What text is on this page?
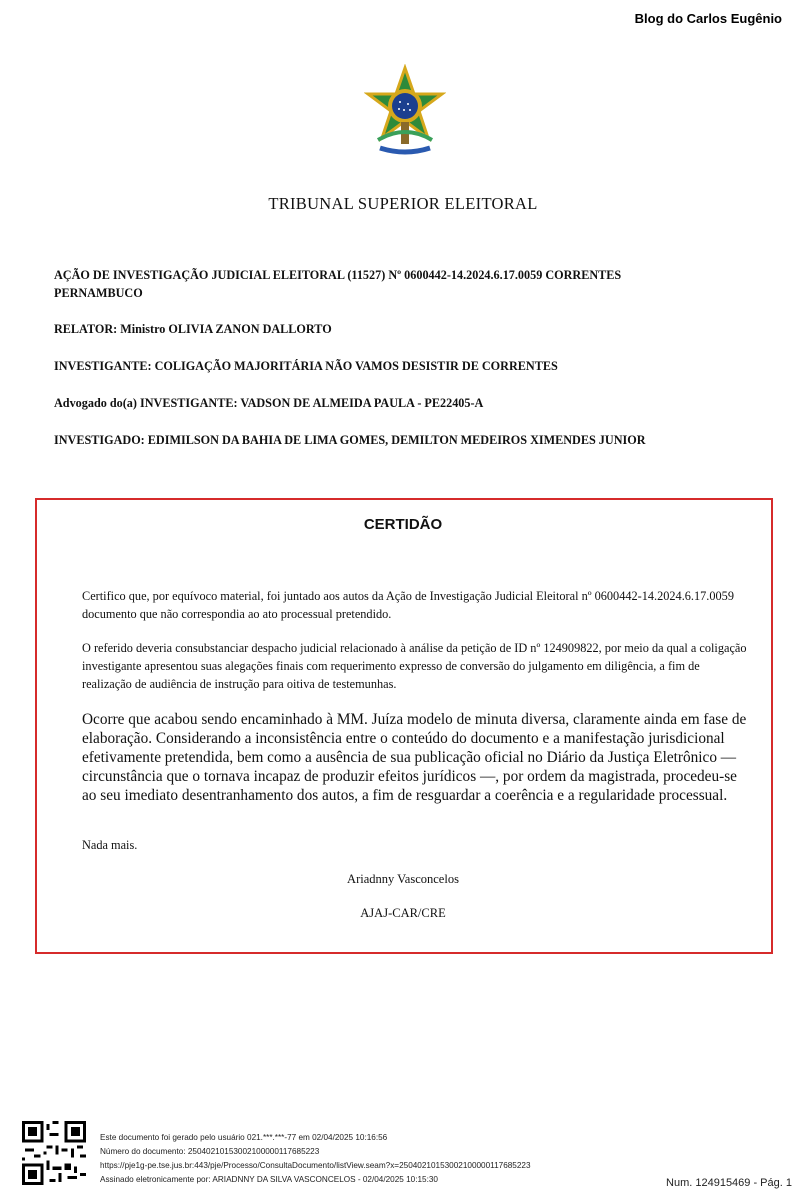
Blog do Carlos Eugênio
TRIBUNAL SUPERIOR ELEITORAL
AÇÃO DE INVESTIGAÇÃO JUDICIAL ELEITORAL (11527) Nº 0600442-14.2024.6.17.0059 CORRENTES
PERNAMBUCO
RELATOR: Ministro OLIVIA ZANON DALLORTO
INVESTIGANTE: COLIGAÇÃO MAJORITÁRIA NÃO VAMOS DESISTIR DE CORRENTES
Advogado do(a) INVESTIGANTE: VADSON DE ALMEIDA PAULA - PE22405-A
INVESTIGADO: EDIMILSON DA BAHIA DE LIMA GOMES, DEMILTON MEDEIROS XIMENDES JUNIOR
CERTIDÃO

Certifico que, por equívoco material, foi juntado aos autos da Ação de Investigação Judicial Eleitoral nº 0600442-14.2024.6.17.0059 documento que não correspondia ao ato processual pretendido.

O referido deveria consubstanciar despacho judicial relacionado à análise da petição de ID nº 124909822, por meio da qual a coligação investigante apresentou suas alegações finais com requerimento expresso de conversão do julgamento em diligência, a fim de realização de audiência de instrução para oitiva de testemunhas.

Ocorre que acabou sendo encaminhado à MM. Juíza modelo de minuta diversa, claramente ainda em fase de elaboração. Considerando a inconsistência entre o conteúdo do documento e a manifestação jurisdicional efetivamente pretendida, bem como a ausência de sua publicação oficial no Diário da Justiça Eletrônico — circunstância que o tornava incapaz de produzir efeitos jurídicos —, por ordem da magistrada, procedeu-se ao seu imediato desentranhamento dos autos, a fim de resguardar a coerência e a regularidade processual.

Nada mais.

Ariadnny Vasconcelos
AJAJ-CAR/CRE
Este documento foi gerado pelo usuário 021.***.***-77 em 02/04/2025 10:16:56
Número do documento: 25040210153002100000117685223
https://pje1g-pe.tse.jus.br:443/pje/Processo/ConsultaDocumento/listView.seam?x=25040210153002100000117685223
Assinado eletronicamente por: ARIADNNY DA SILVA VASCONCELOS - 02/04/2025 10:15:30	Num. 124915469 - Pág. 1
